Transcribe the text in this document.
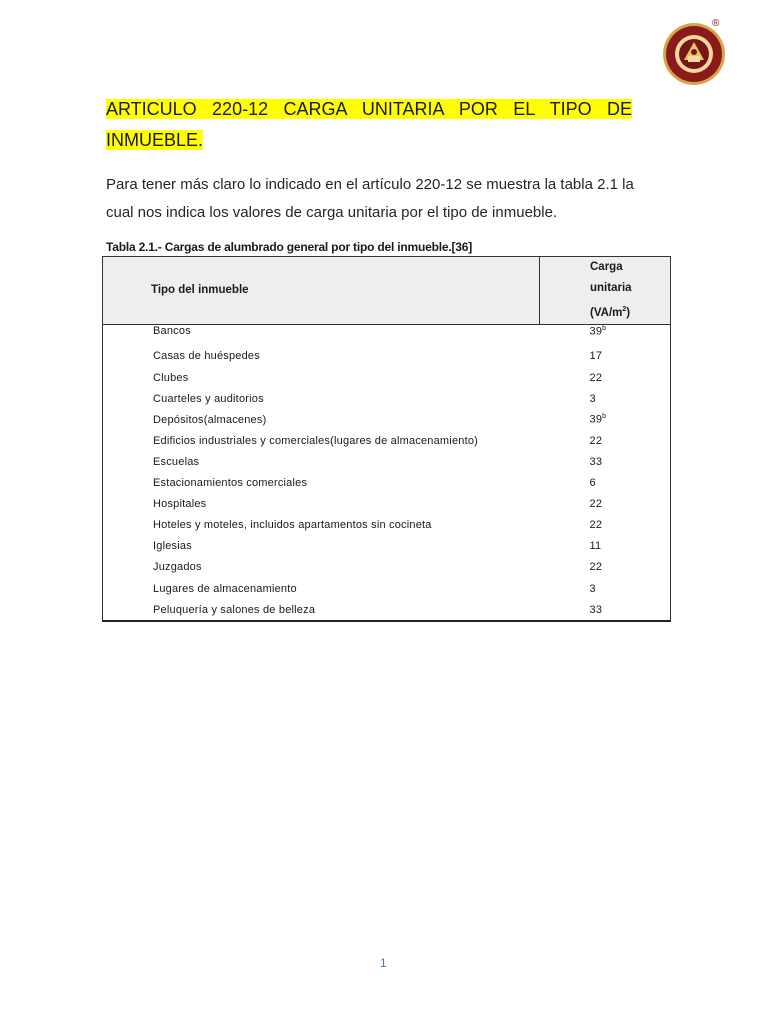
®
ARTICULO 220-12 CARGA UNITARIA POR EL TIPO DE INMUEBLE.
Para tener más claro lo indicado en el artículo 220-12 se muestra la tabla 2.1 la cual nos indica los valores de carga unitaria por el tipo de inmueble.
Tabla 2.1.- Cargas de alumbrado general por tipo del inmueble.[36]
Tipo del inmueble	Carga
unitaria
$(VA/m^2)$
Bancos	39$^b$
Casas de huéspedes	17
Clubes	22
Cuarteles y auditorios	3
Depósitos(almacenes)	39$^b$
Edificios industriales y comerciales(lugares de almacenamiento)	22
Escuelas	33
Estacionamientos comerciales	6
Hospitales	22
Hoteles y moteles, incluidos apartamentos sin cocineta	22
Iglesias	11
Juzgados	22
Lugares de almacenamiento	3
Peluquería y salones de belleza	33
1
